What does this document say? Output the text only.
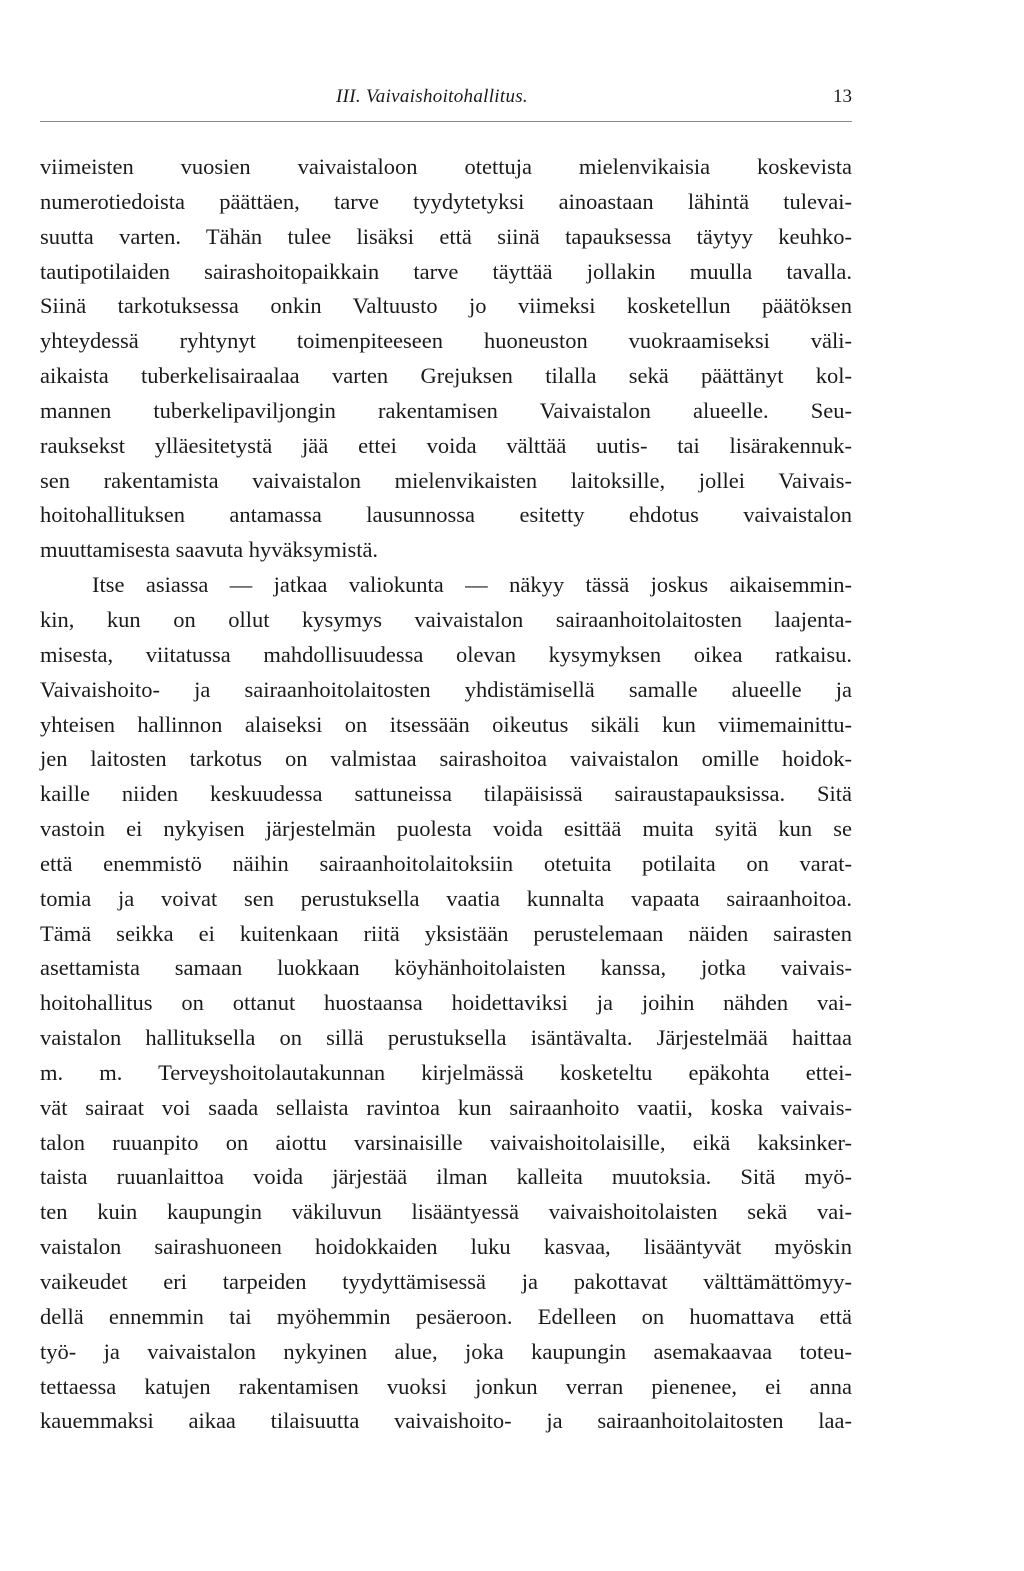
III. Vaivaishoitohallitus.	13
viimeisten vuosien vaivaistaloon otettuja mielenvikaisia koskevista
numerotiedoista päättäen, tarve tyydytetyksi ainoastaan lähintä tulevai-
suutta varten. Tähän tulee lisäksi että siinä tapauksessa täytyy keuhko-
tautipotilaiden sairashoitopaikkain tarve täyttää jollakin muulla tavalla.
Siinä tarkotuksessa onkin Valtuusto jo viimeksi kosketellun päätöksen
yhteydessä ryhtynyt toimenpiteeseen huoneuston vuokraamiseksi väli-
aikaista tuberkelisairaalaa varten Grejuksen tilalla sekä päättänyt kol-
mannen tuberkelipaviljongin rakentamisen Vaivaistalon alueelle. Seu-
rauksekst ylläesitetystä jää ettei voida välttää uutis- tai lisärakennuk-
sen rakentamista vaivaistalon mielenvikaisten laitoksille, jollei Vaivais-
hoitohallituksen antamassa lausunnossa esitetty ehdotus vaivaistalon
muuttamisesta saavuta hyväksymistä.
Itse asiassa — jatkaa valiokunta — näkyy tässä joskus aikaisemmin-
kin, kun on ollut kysymys vaivaistalon sairaanhoitolaitosten laajenta-
misesta, viitatussa mahdollisuudessa olevan kysymyksen oikea ratkaisu.
Vaivaishoito- ja sairaanhoitolaitosten yhdistämisellä samalle alueelle ja
yhteisen hallinnon alaiseksi on itsessään oikeutus sikäli kun viimemainittu-
jen laitosten tarkotus on valmistaa sairashoitoa vaivaistalon omille hoidok-
kaille niiden keskuudessa sattuneissa tilapäisissä sairaustapauksissa. Sitä
vastoin ei nykyisen järjestelmän puolesta voida esittää muita syitä kun se
että enemmistö näihin sairaanhoitolaitoksiin otetuita potilaita on varat-
tomia ja voivat sen perustuksella vaatia kunnalta vapaata sairaanhoitoa.
Tämä seikka ei kuitenkaan riitä yksistään perustelemaan näiden sairasten
asettamista samaan luokkaan köyhänhoitolaisten kanssa, jotka vaivais-
hoitohallitus on ottanut huostaansa hoidettaviksi ja joihin nähden vai-
vaistalon hallituksella on sillä perustuksella isäntävalta. Järjestelmää haittaa
m. m. Terveyshoitolautakunnan kirjelmässä kosketeltu epäkohta ettei-
vät sairaat voi saada sellaista ravintoa kun sairaanhoito vaatii, koska vaivais-
talon ruuanpito on aiottu varsinaisille vaivaishoitolaisille, eikä kaksinker-
taista ruuanlaittoa voida järjestää ilman kalleita muutoksia. Sitä myö-
ten kuin kaupungin väkiluvun lisääntyessä vaivaishoitolaisten sekä vai-
vaistalon sairashuoneen hoidokkaiden luku kasvaa, lisääntyvät myöskin
vaikeudet eri tarpeiden tyydyttämisessä ja pakottavat välttämättömyy-
dellä ennemmin tai myöhemmin pesäeroon. Edelleen on huomattava että
työ- ja vaivaistalon nykyinen alue, joka kaupungin asemakaavaa toteu-
tettaessa katujen rakentamisen vuoksi jonkun verran pienenee, ei anna
kauemmaksi aikaa tilaisuutta vaivaishoito- ja sairaanhoitolaitosten laa-
